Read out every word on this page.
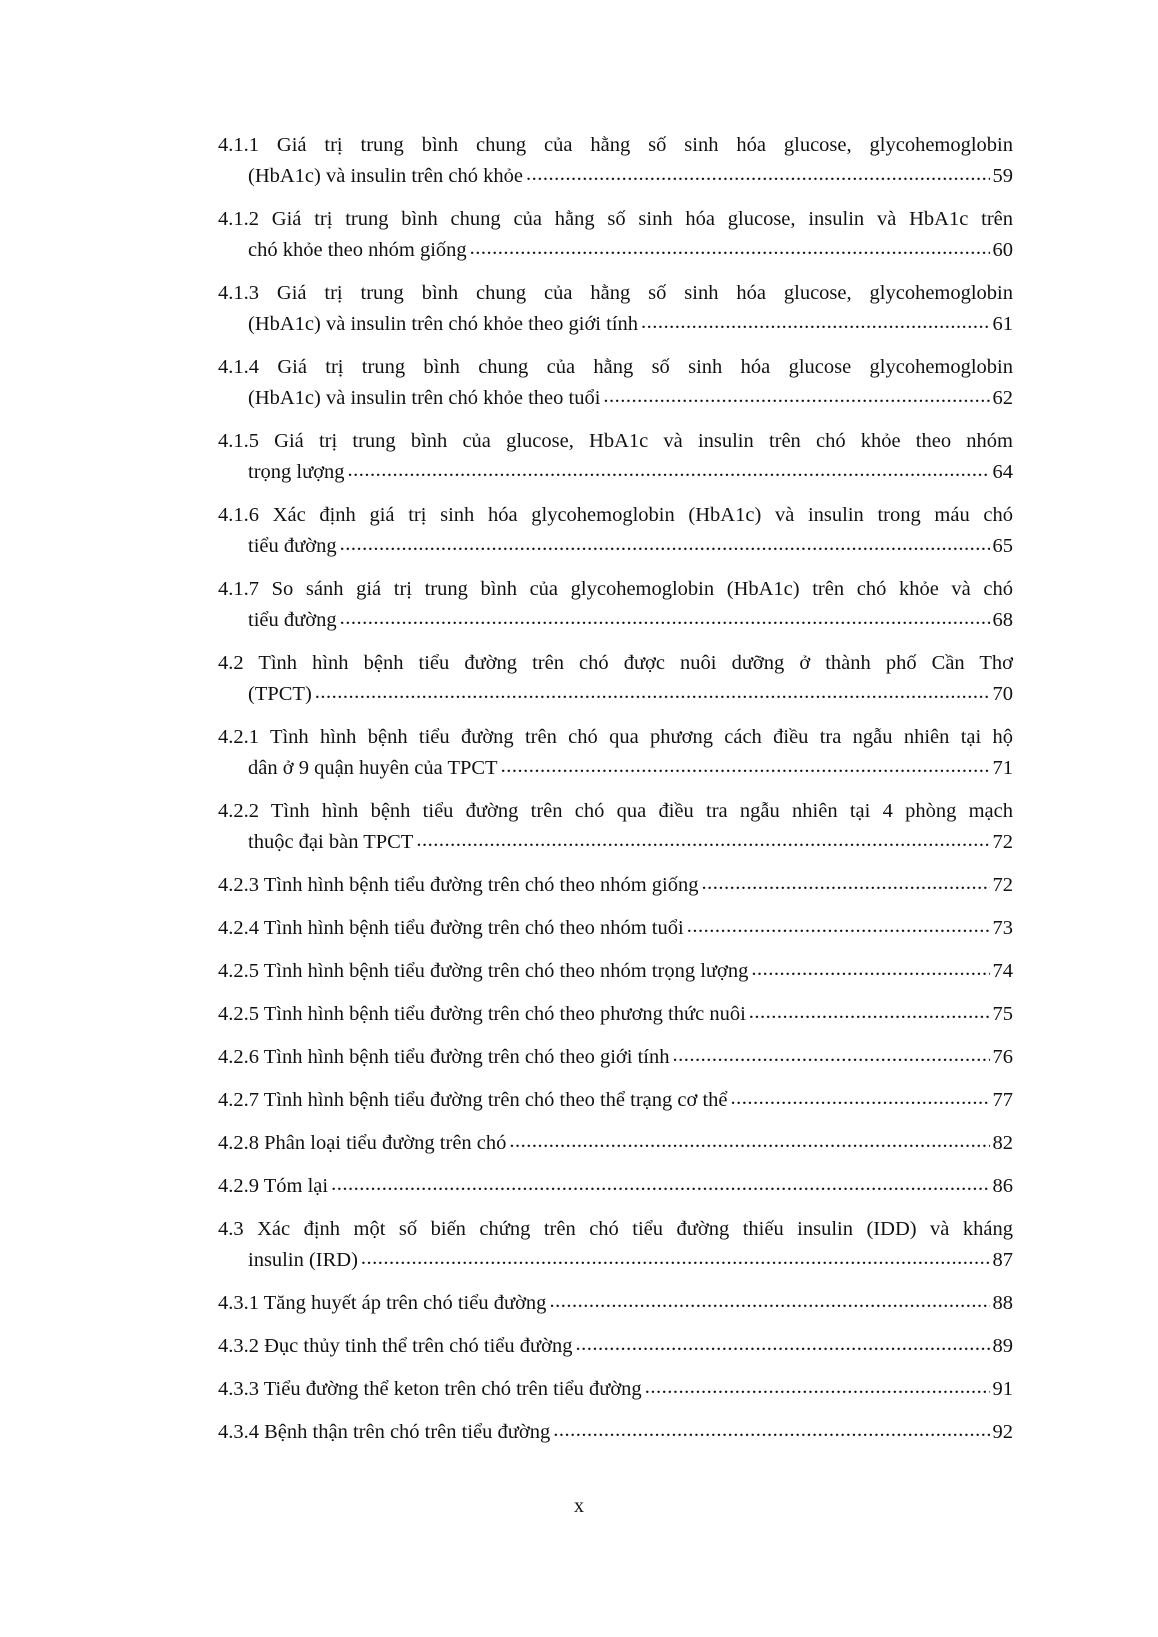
4.1.1 Giá trị trung bình chung của hằng số sinh hóa glucose, glycohemoglobin
(HbA1c) và insulin trên chó khỏe .....	59
4.1.2 Giá trị trung bình chung của hằng số sinh hóa glucose, insulin và HbA1c trên
chó khỏe theo nhóm giống .....	60
4.1.3 Giá trị trung bình chung của hằng số sinh hóa glucose, glycohemoglobin
(HbA1c) và insulin trên chó khỏe theo giới tính .....	61
4.1.4 Giá trị trung bình chung của hằng số sinh hóa glucose glycohemoglobin
(HbA1c) và insulin trên chó khỏe theo tuổi .....	62
4.1.5 Giá trị trung bình của glucose, HbA1c và insulin trên chó khỏe theo nhóm
trọng lượng .....	64
4.1.6 Xác định giá trị sinh hóa glycohemoglobin (HbA1c) và insulin trong máu chó
tiểu đường .....	65
4.1.7 So sánh giá trị trung bình của glycohemoglobin (HbA1c) trên chó khỏe và chó
tiểu đường .....	68
4.2 Tình hình bệnh tiểu đường trên chó được nuôi dưỡng ở thành phố Cần Thơ
(TPCT) .....	70
4.2.1 Tình hình bệnh tiểu đường trên chó qua phương cách điều tra ngẫu nhiên tại hộ
dân ở 9 quận huyên của TPCT .....	71
4.2.2 Tình hình bệnh tiểu đường trên chó qua điều tra ngẫu nhiên tại 4 phòng mạch
thuộc đại bàn TPCT .....	72
4.2.3 Tình hình bệnh tiểu đường trên chó theo nhóm giống .....	72
4.2.4 Tình hình bệnh tiểu đường trên chó theo nhóm tuổi .....	73
4.2.5 Tình hình bệnh tiểu đường trên chó theo nhóm trọng lượng .....	74
4.2.5 Tình hình bệnh tiểu đường trên chó theo phương thức nuôi .....	75
4.2.6 Tình hình bệnh tiểu đường trên chó theo giới tính .....	76
4.2.7 Tình hình bệnh tiểu đường trên chó theo thể trạng cơ thể .....	77
4.2.8 Phân loại tiểu đường trên chó .....	82
4.2.9 Tóm lại .....	86
4.3 Xác định một số biến chứng trên chó tiểu đường thiếu insulin (IDD) và kháng
insulin (IRD) .....	87
4.3.1 Tăng huyết áp trên chó tiểu đường .....	88
4.3.2 Đục thủy tinh thể trên chó tiểu đường .....	89
4.3.3 Tiểu đường thể keton trên chó trên tiểu đường .....	91
4.3.4 Bệnh thận trên chó trên tiểu đường .....	92
x
